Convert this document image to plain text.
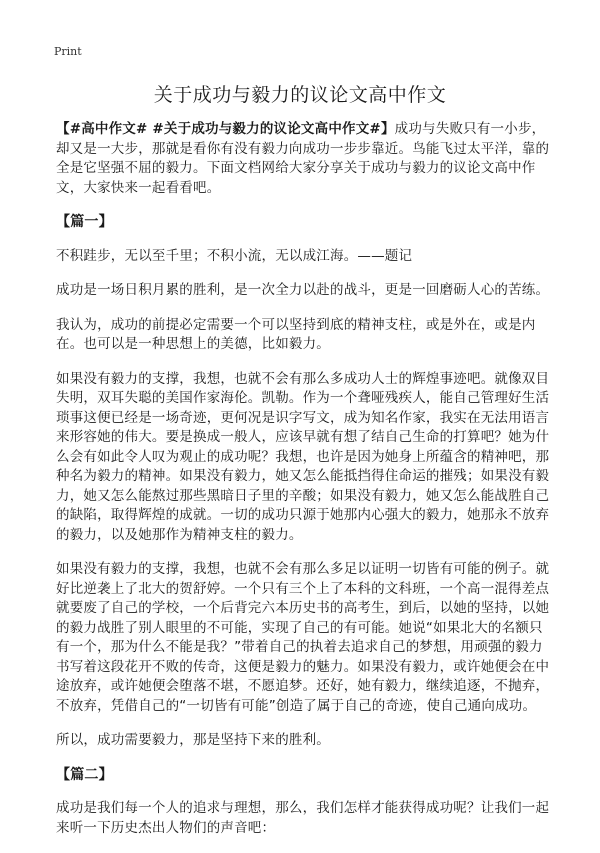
Print
关于成功与毅力的议论文高中作文

【#高中作文# #关于成功与毅力的议论文高中作文#】成功与失败只有一小步，却又是一大步，那就是看你有没有毅力向成功一步步靠近。鸟能飞过太平洋，靠的全是它坚强不屈的毅力。下面文档网给大家分享关于成功与毅力的议论文高中作文，大家快来一起看看吧。

【篇一】

不积跬步，无以至千里；不积小流，无以成江海。——题记

成功是一场日积月累的胜利，是一次全力以赴的战斗，更是一回磨砺人心的苦练。

我认为，成功的前提必定需要一个可以坚持到底的精神支柱，或是外在，或是内在。也可以是一种思想上的美德，比如毅力。

如果没有毅力的支撑，我想，也就不会有那么多成功人士的辉煌事迹吧。就像双目失明，双耳失聪的美国作家海伦。凯勒。作为一个聋哑残疾人，能自己管理好生活琐事这便已经是一场奇迹，更何况是识字写文，成为知名作家，我实在无法用语言来形容她的伟大。要是换成一般人，应该早就有想了结自己生命的打算吧？她为什么会有如此令人叹为观止的成功呢？我想，也许是因为她身上所蕴含的精神吧，那种名为毅力的精神。如果没有毅力，她又怎么能抵挡得住命运的摧残；如果没有毅力，她又怎么能熬过那些黑暗日子里的辛酸；如果没有毅力，她又怎么能战胜自己的缺陷，取得辉煌的成就。一切的成功只源于她那内心强大的毅力，她那永不放弃的毅力，以及她那作为精神支柱的毅力。

如果没有毅力的支撑，我想，也就不会有那么多足以证明一切皆有可能的例子。就好比逆袭上了北大的贺舒婷。一个只有三个上了本科的文科班，一个高一混得差点就要废了自己的学校，一个后背完六本历史书的高考生，到后，以她的坚持，以她的毅力战胜了别人眼里的不可能，实现了自己的有可能。她说“如果北大的名额只有一个，那为什么不能是我？”带着自己的执着去追求自己的梦想，用顽强的毅力书写着这段花开不败的传奇，这便是毅力的魅力。如果没有毅力，或许她便会在中途放弃，或许她便会堕落不堪，不愿追梦。还好，她有毅力，继续追逐，不抛弃，不放弃，凭借自己的“一切皆有可能”创造了属于自己的奇迹，使自己通向成功。

所以，成功需要毅力，那是坚持下来的胜利。

【篇二】

成功是我们每一个人的追求与理想，那么，我们怎样才能获得成功呢？让我们一起来听一下历史杰出人物们的声音吧：
